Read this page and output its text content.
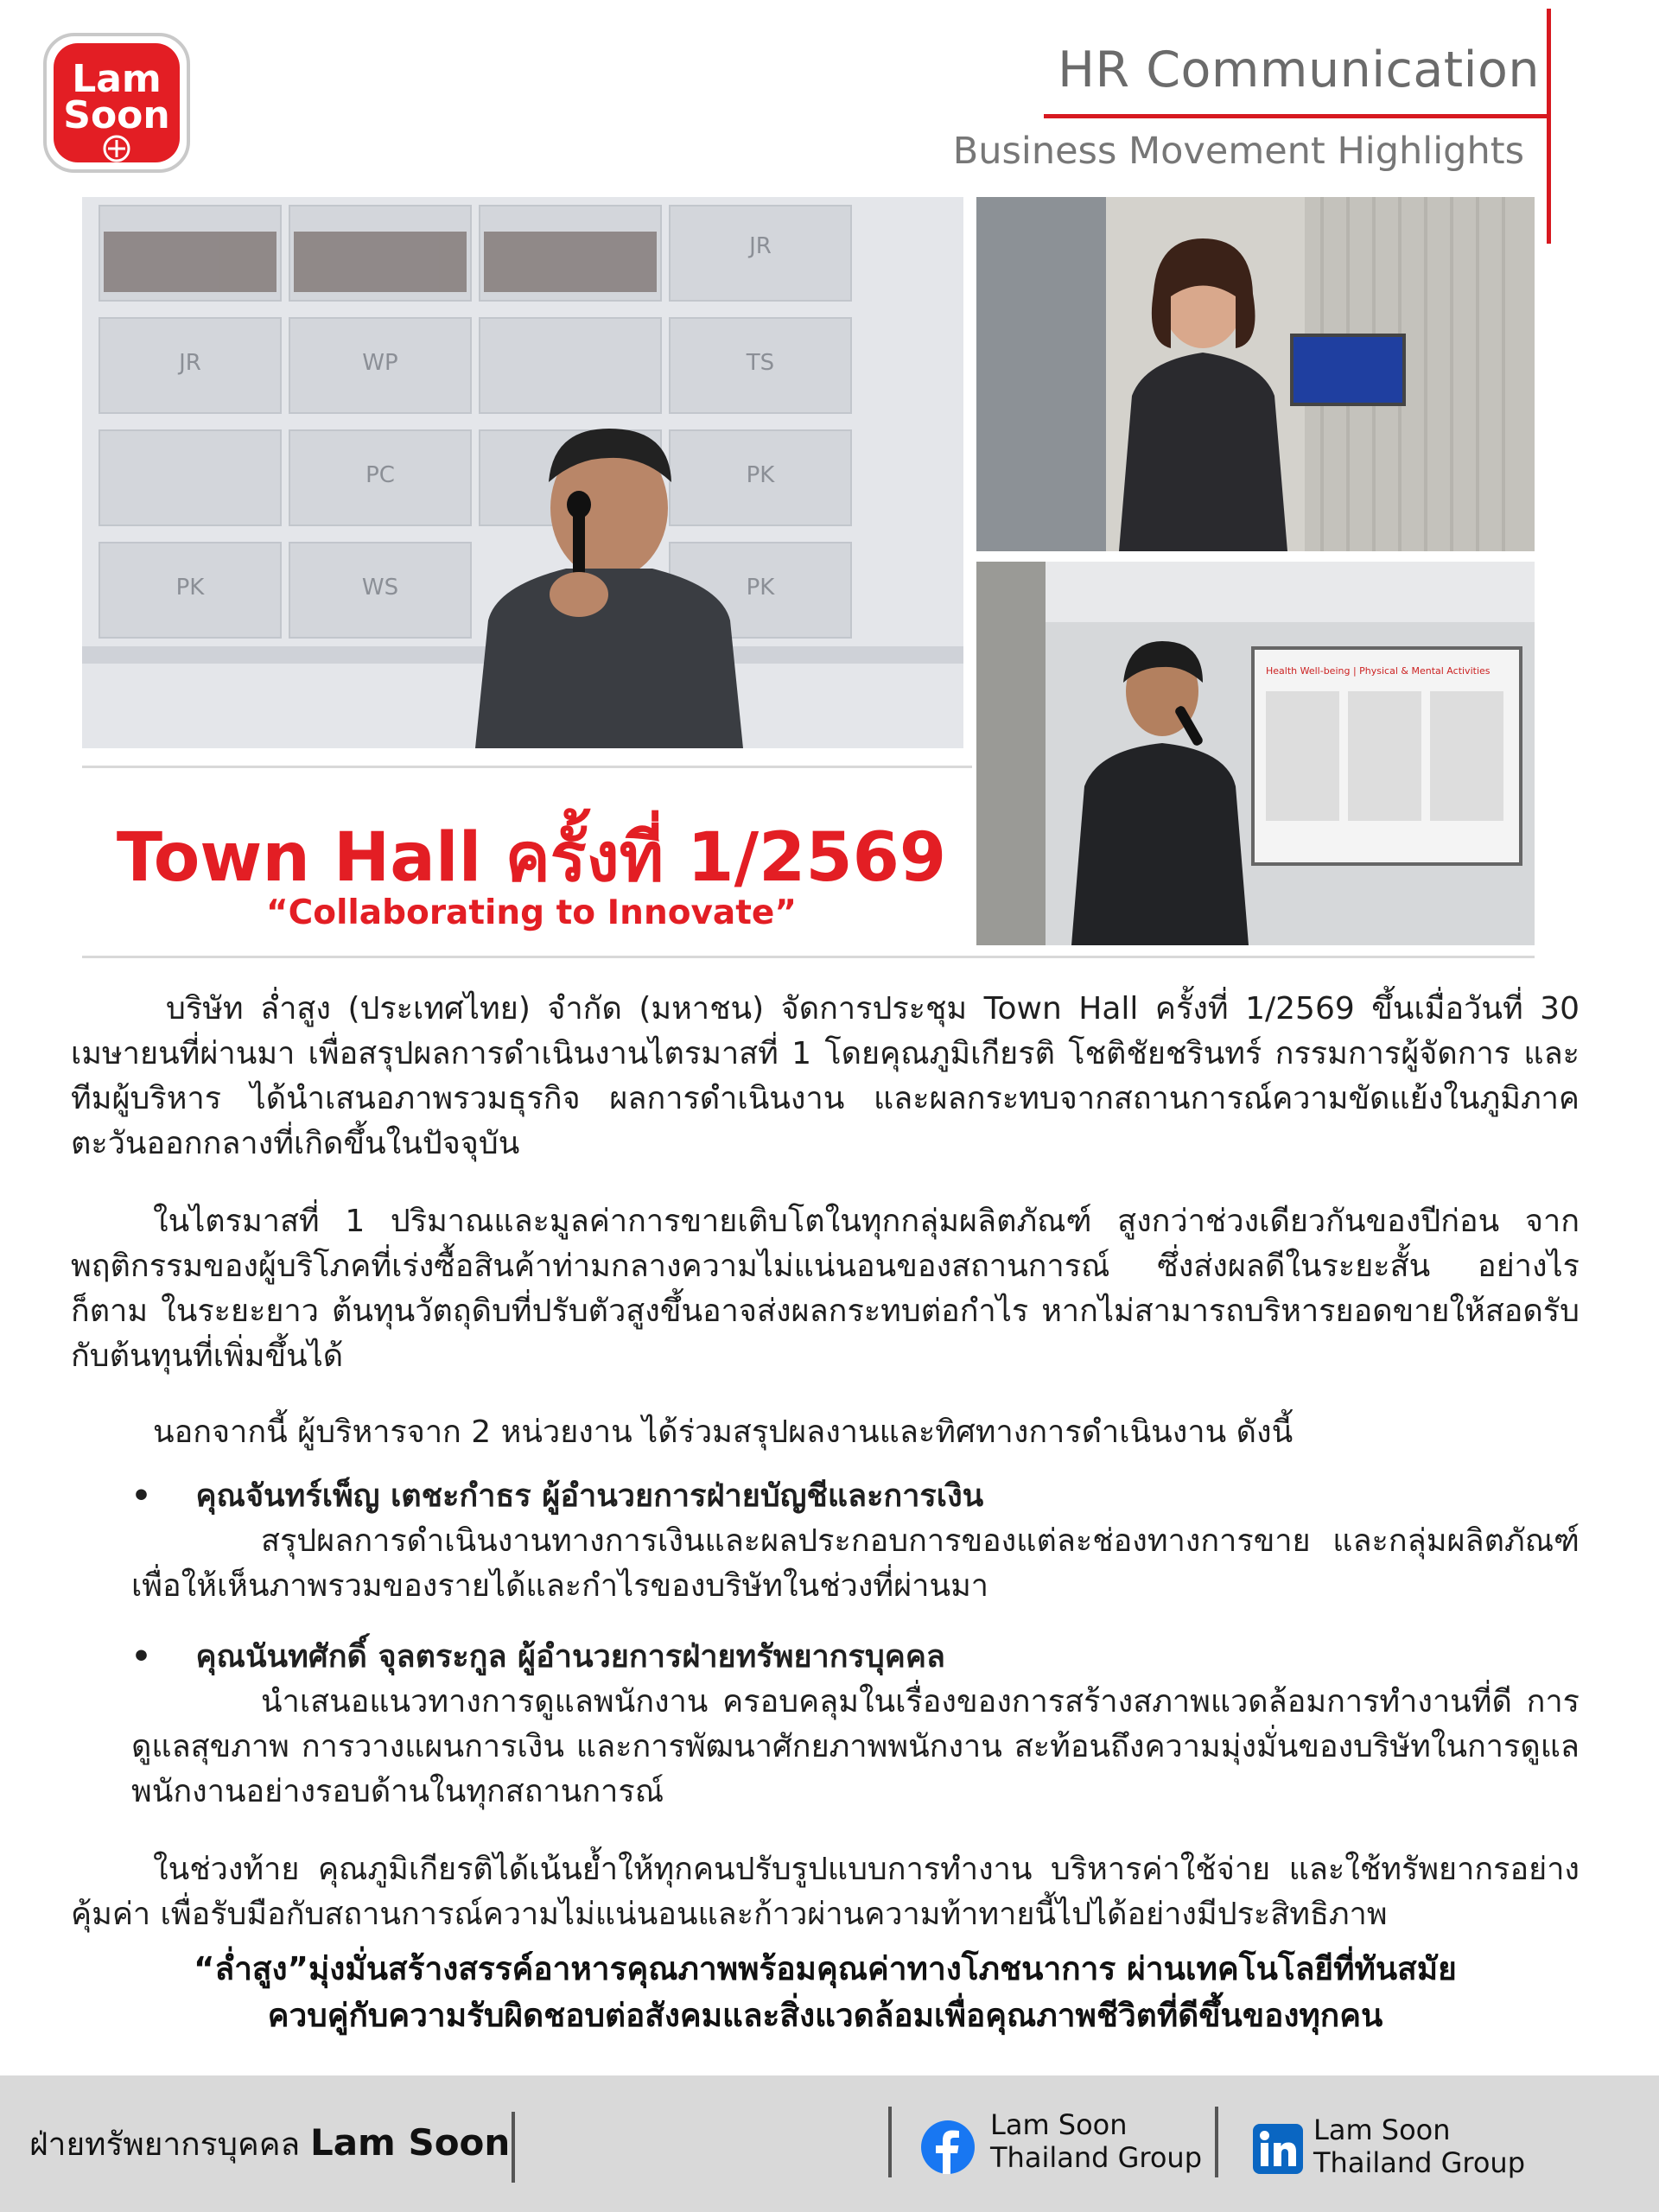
Lam
Soon
HR Communication
Business Movement Highlights
JR
WP	TS
JR
PC	PK
PK	WS	PK
Health Well-being | Physical & Mental Activities
Town Hall ครั้งที่ 1/2569
“Collaborating to Innovate”

บริษัท ล่ำสูง (ประเทศไทย) จำกัด (มหาชน) จัดการประชุม Town Hall ครั้งที่ 1/2569 ขึ้นเมื่อวันที่ 30 เมษายนที่ผ่านมา เพื่อสรุปผลการดำเนินงานไตรมาสที่ 1 โดยคุณภูมิเกียรติ โชติชัยชรินทร์ กรรมการผู้จัดการ และทีมผู้บริหาร ได้นำเสนอภาพรวมธุรกิจ ผลการดำเนินงาน และผลกระทบจากสถานการณ์ความขัดแย้งในภูมิภาคตะวันออกกลางที่เกิดขึ้นในปัจจุบัน

ในไตรมาสที่ 1 ปริมาณและมูลค่าการขายเติบโตในทุกกลุ่มผลิตภัณฑ์ สูงกว่าช่วงเดียวกันของปีก่อน จากพฤติกรรมของผู้บริโภคที่เร่งซื้อสินค้าท่ามกลางความไม่แน่นอนของสถานการณ์ ซึ่งส่งผลดีในระยะสั้น อย่างไรก็ตาม ในระยะยาว ต้นทุนวัตถุดิบที่ปรับตัวสูงขึ้นอาจส่งผลกระทบต่อกำไร หากไม่สามารถบริหารยอดขายให้สอดรับกับต้นทุนที่เพิ่มขึ้นได้

นอกจากนี้ ผู้บริหารจาก 2 หน่วยงาน ได้ร่วมสรุปผลงานและทิศทางการดำเนินงาน ดังนี้

• คุณจันทร์เพ็ญ เตชะกำธร ผู้อำนวยการฝ่ายบัญชีและการเงิน

สรุปผลการดำเนินงานทางการเงินและผลประกอบการของแต่ละช่องทางการขาย และกลุ่มผลิตภัณฑ์ เพื่อให้เห็นภาพรวมของรายได้และกำไรของบริษัทในช่วงที่ผ่านมา

• คุณนันทศักดิ์ จุลตระกูล ผู้อำนวยการฝ่ายทรัพยากรบุคคล

นำเสนอแนวทางการดูแลพนักงาน ครอบคลุมในเรื่องของการสร้างสภาพแวดล้อมการทำงานที่ดี การดูแลสุขภาพ การวางแผนการเงิน และการพัฒนาศักยภาพพนักงาน สะท้อนถึงความมุ่งมั่นของบริษัทในการดูแลพนักงานอย่างรอบด้านในทุกสถานการณ์

ในช่วงท้าย คุณภูมิเกียรติได้เน้นย้ำให้ทุกคนปรับรูปแบบการทำงาน บริหารค่าใช้จ่าย และใช้ทรัพยากรอย่างคุ้มค่า เพื่อรับมือกับสถานการณ์ความไม่แน่นอนและก้าวผ่านความท้าทายนี้ไปได้อย่างมีประสิทธิภาพ

“ล่ำสูง”มุ่งมั่นสร้างสรรค์อาหารคุณภาพพร้อมคุณค่าทางโภชนาการ ผ่านเทคโนโลยีที่ทันสมัย
ควบคู่กับความรับผิดชอบต่อสังคมและสิ่งแวดล้อมเพื่อคุณภาพชีวิตที่ดีขึ้นของทุกคน
ฝ่ายทรัพยากรบุคคล Lam Soon	Lam Soon
Thailand Group
Lam Soon
Thailand Group
